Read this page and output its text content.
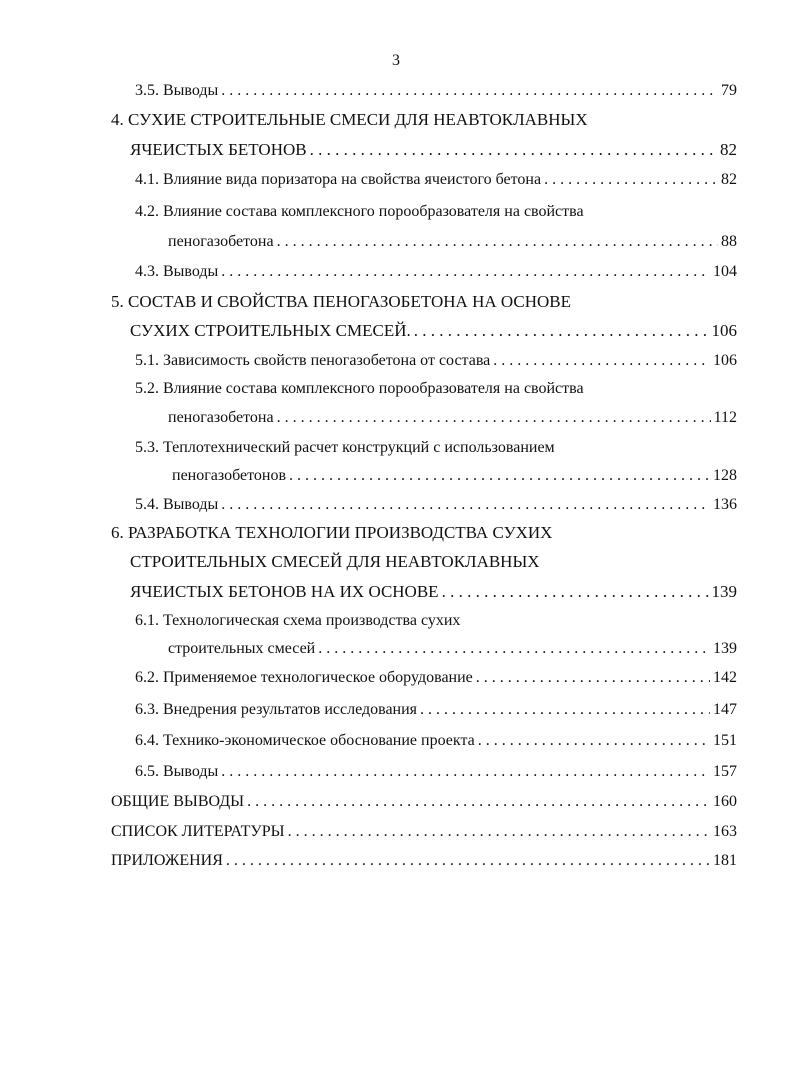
3
3.5. Выводы . . .	79
4. СУХИЕ СТРОИТЕЛЬНЫЕ СМЕСИ ДЛЯ НЕАВТОКЛАВНЫХ
ЯЧЕИСТЫХ БЕТОНОВ . . .	82
4.1. Влияние вида поризатора на свойства ячеистого бетона . . .	82
4.2. Влияние состава комплексного порообразователя на свойства
пеногазобетона . . .	88
4.3. Выводы . . .	104
5. СОСТАВ И СВОЙСТВА ПЕНОГАЗОБЕТОНА НА ОСНОВЕ
СУХИХ СТРОИТЕЛЬНЫХ СМЕСЕЙ. . . .	106
5.1. Зависимость свойств пеногазобетона от состава . . .	106
5.2. Влияние состава комплексного порообразователя на свойства
пеногазобетона . . .	112
5.3. Теплотехнический расчет конструкций с использованием
пеногазобетонов . . .	128
5.4. Выводы . . .	136
6. РАЗРАБОТКА ТЕХНОЛОГИИ ПРОИЗВОДСТВА СУХИХ
СТРОИТЕЛЬНЫХ СМЕСЕЙ ДЛЯ НЕАВТОКЛАВНЫХ
ЯЧЕИСТЫХ БЕТОНОВ НА ИХ ОСНОВЕ . . .	139
6.1. Технологическая схема производства сухих
строительных смесей . . .	139
6.2. Применяемое технологическое оборудование . . .	142
6.3. Внедрения результатов исследования . . .	147
6.4. Технико-экономическое обоснование проекта . . .	151
6.5. Выводы . . .	157
ОБЩИЕ ВЫВОДЫ . . .	160
СПИСОК ЛИТЕРАТУРЫ . . .	163
ПРИЛОЖЕНИЯ . . .	181
